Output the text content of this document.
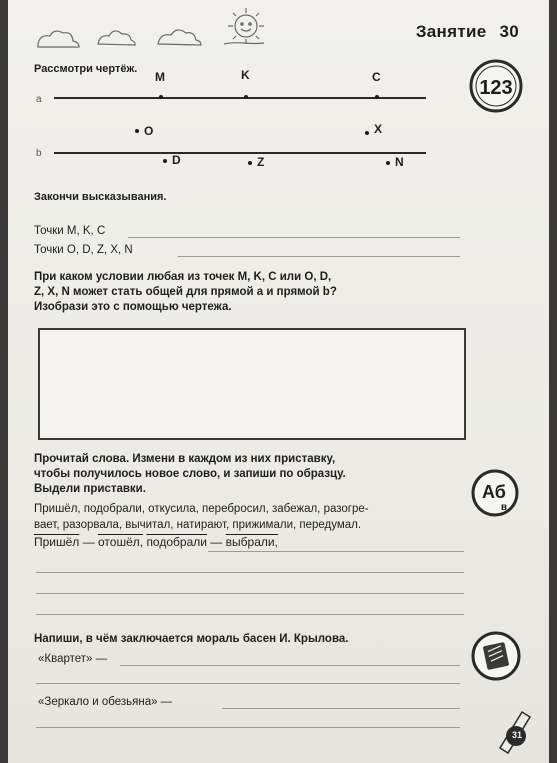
Занятие 30
Рассмотри чертёж.
a
M	K	C
O	X
b	D	Z	N
123
Закончи высказывания.
Точки M, K, C
Точки O, D, Z, X, N
При каком условии любая из точек M, K, C или O, D,
Z, X, N может стать общей для прямой a и прямой b?
Изобрази это с помощью чертежа.
Прочитай слова. Измени в каждом из них приставку,
чтобы получилось новое слово, и запиши по образцу.
Выдели приставки.
Пришёл, подобрали, откусила, перебросил, забежал, разогре-
вает, разорвала, вычитал, натирают, прижимали, передумал.
Пришёл — отошёл, подобрали — выбрали,
Аб
в
Напиши, в чём заключается мораль басен И. Крылова.
«Квартет» —
«Зеркало и обезьяна» —
31
